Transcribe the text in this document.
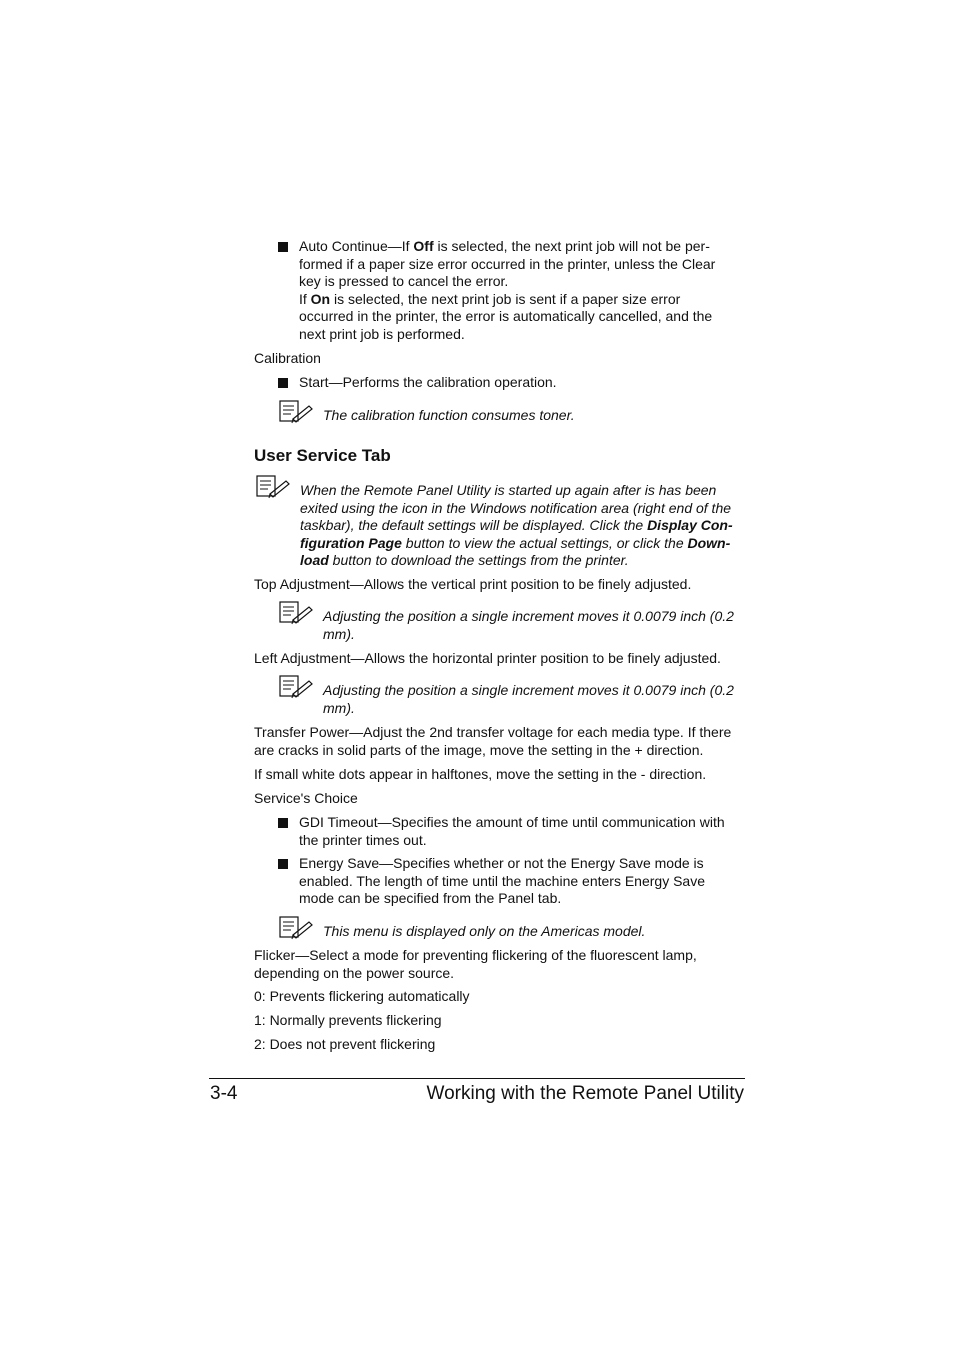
Auto Continue—If Off is selected, the next print job will not be per-
formed if a paper size error occurred in the printer, unless the Clear
key is pressed to cancel the error.
If On is selected, the next print job is sent if a paper size error
occurred in the printer, the error is automatically cancelled, and the
next print job is performed.
Calibration
Start—Performs the calibration operation.
The calibration function consumes toner.
User Service Tab
When the Remote Panel Utility is started up again after is has been
exited using the icon in the Windows notification area (right end of the
taskbar), the default settings will be displayed. Click the Display Con-
figuration Page button to view the actual settings, or click the Down-
load button to download the settings from the printer.
Top Adjustment—Allows the vertical print position to be finely adjusted.
Adjusting the position a single increment moves it 0.0079 inch (0.2
mm).
Left Adjustment—Allows the horizontal printer position to be finely adjusted.
Adjusting the position a single increment moves it 0.0079 inch (0.2
mm).
Transfer Power—Adjust the 2nd transfer voltage for each media type. If there
are cracks in solid parts of the image, move the setting in the + direction.
If small white dots appear in halftones, move the setting in the - direction.
Service's Choice
GDI Timeout—Specifies the amount of time until communication with
the printer times out.
Energy Save—Specifies whether or not the Energy Save mode is
enabled. The length of time until the machine enters Energy Save
mode can be specified from the Panel tab.
This menu is displayed only on the Americas model.
Flicker—Select a mode for preventing flickering of the fluorescent lamp,
depending on the power source.
0: Prevents flickering automatically
1: Normally prevents flickering
2: Does not prevent flickering
3-4	Working with the Remote Panel Utility
